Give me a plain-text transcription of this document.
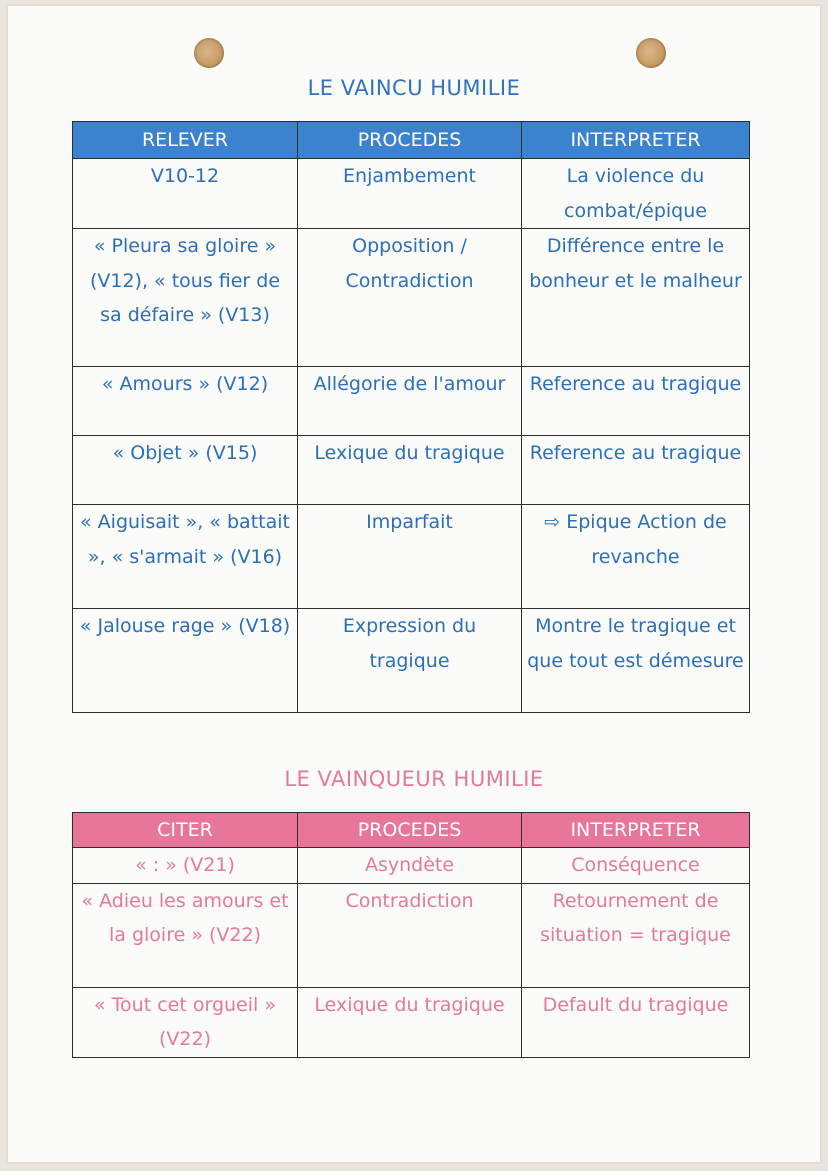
LE VAINCU HUMILIE
RELEVER	PROCEDES	INTERPRETER
V10-12	Enjambement	La violence du combat/épique
« Pleura sa gloire » (V12), « tous fier de sa défaire » (V13)	Opposition / Contradiction	Différence entre le bonheur et le malheur
« Amours » (V12)	Allégorie de l'amour	Reference au tragique
« Objet » (V15)	Lexique du tragique	Reference au tragique
« Aiguisait », « battait », « s'armait » (V16)	Imparfait	⇨ Epique Action de revanche
« Jalouse rage » (V18)	Expression du tragique	Montre le tragique et que tout est démesure
LE VAINQUEUR HUMILIE
CITER	PROCEDES	INTERPRETER
« : » (V21)	Asyndète	Conséquence
« Adieu les amours et la gloire » (V22)	Contradiction	Retournement de situation = tragique
« Tout cet orgueil » (V22)	Lexique du tragique	Default du tragique
